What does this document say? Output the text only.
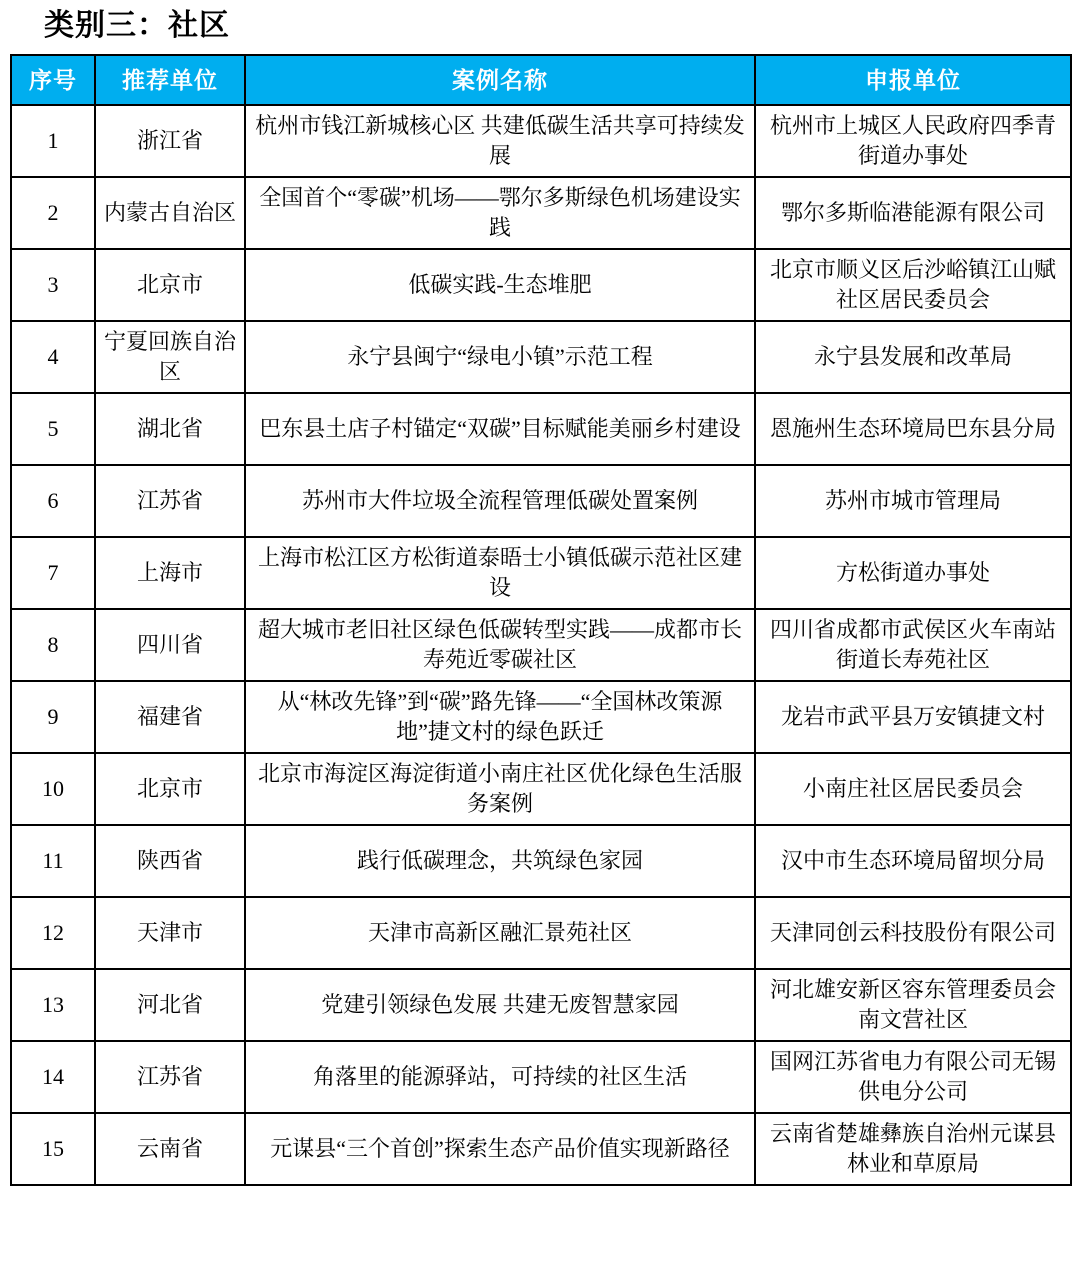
类别三：社区
序号	推荐单位	案例名称	申报单位
1	浙江省	杭州市钱江新城核心区 共建低碳生活共享可持续发展	杭州市上城区人民政府四季青街道办事处
2	内蒙古自治区	全国首个“零碳”机场——鄂尔多斯绿色机场建设实践	鄂尔多斯临港能源有限公司
3	北京市	低碳实践-生态堆肥	北京市顺义区后沙峪镇江山赋社区居民委员会
4	宁夏回族自治区	永宁县闽宁“绿电小镇”示范工程	永宁县发展和改革局
5	湖北省	巴东县土店子村锚定“双碳”目标赋能美丽乡村建设	恩施州生态环境局巴东县分局
6	江苏省	苏州市大件垃圾全流程管理低碳处置案例	苏州市城市管理局
7	上海市	上海市松江区方松街道泰晤士小镇低碳示范社区建设	方松街道办事处
8	四川省	超大城市老旧社区绿色低碳转型实践——成都市长寿苑近零碳社区	四川省成都市武侯区火车南站街道长寿苑社区
9	福建省	从“林改先锋”到“碳”路先锋——“全国林改策源地”捷文村的绿色跃迁	龙岩市武平县万安镇捷文村
10	北京市	北京市海淀区海淀街道小南庄社区优化绿色生活服务案例	小南庄社区居民委员会
11	陕西省	践行低碳理念，共筑绿色家园	汉中市生态环境局留坝分局
12	天津市	天津市高新区融汇景苑社区	天津同创云科技股份有限公司
13	河北省	党建引领绿色发展 共建无废智慧家园	河北雄安新区容东管理委员会南文营社区
14	江苏省	角落里的能源驿站，可持续的社区生活	国网江苏省电力有限公司无锡供电分公司
15	云南省	元谋县“三个首创”探索生态产品价值实现新路径	云南省楚雄彝族自治州元谋县林业和草原局
